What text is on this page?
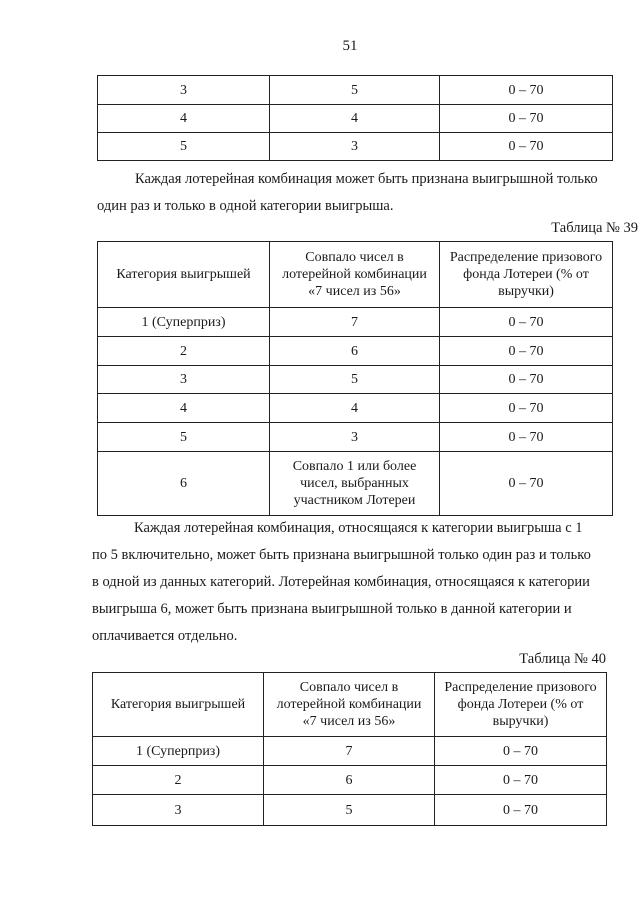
51
3	5	0 – 70
4	4	0 – 70
5	3	0 – 70
Каждая лотерейная комбинация может быть признана выигрышной только
один раз и только в одной категории выигрыша.
Таблица № 39
Категория выигрышей	Совпало чисел в лотерейной комбинации «7 чисел из 56»	Распределение призового фонда Лотереи (% от выручки)
1 (Суперприз)	7	0 – 70
2	6	0 – 70
3	5	0 – 70
4	4	0 – 70
5	3	0 – 70
6	Совпало 1 или более чисел, выбранных участником Лотереи	0 – 70
Каждая лотерейная комбинация, относящаяся к категории выигрыша с 1
по 5 включительно, может быть признана выигрышной только один раз и только
в одной из данных категорий. Лотерейная комбинация, относящаяся к категории
выигрыша 6, может быть признана выигрышной только в данной категории и
оплачивается отдельно.
Таблица № 40
Категория выигрышей	Совпало чисел в лотерейной комбинации «7 чисел из 56»	Распределение призового фонда Лотереи (% от выручки)
1 (Суперприз)	7	0 – 70
2	6	0 – 70
3	5	0 – 70
